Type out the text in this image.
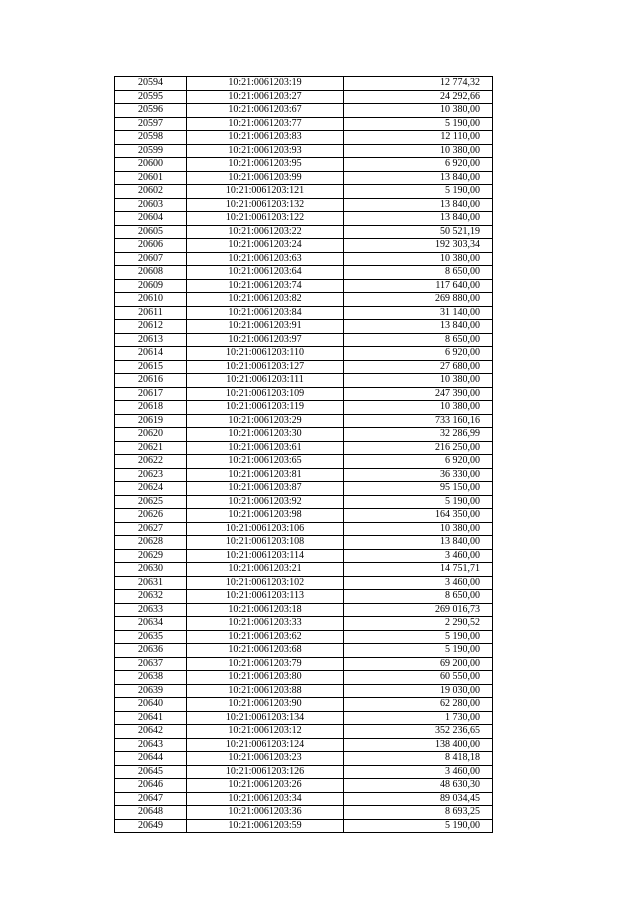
20594	10:21:0061203:19	12 774,32
20595	10:21:0061203:27	24 292,66
20596	10:21:0061203:67	10 380,00
20597	10:21:0061203:77	5 190,00
20598	10:21:0061203:83	12 110,00
20599	10:21:0061203:93	10 380,00
20600	10:21:0061203:95	6 920,00
20601	10:21:0061203:99	13 840,00
20602	10:21:0061203:121	5 190,00
20603	10:21:0061203:132	13 840,00
20604	10:21:0061203:122	13 840,00
20605	10:21:0061203:22	50 521,19
20606	10:21:0061203:24	192 303,34
20607	10:21:0061203:63	10 380,00
20608	10:21:0061203:64	8 650,00
20609	10:21:0061203:74	117 640,00
20610	10:21:0061203:82	269 880,00
20611	10:21:0061203:84	31 140,00
20612	10:21:0061203:91	13 840,00
20613	10:21:0061203:97	8 650,00
20614	10:21:0061203:110	6 920,00
20615	10:21:0061203:127	27 680,00
20616	10:21:0061203:111	10 380,00
20617	10:21:0061203:109	247 390,00
20618	10:21:0061203:119	10 380,00
20619	10:21:0061203:29	733 160,16
20620	10:21:0061203:30	32 286,99
20621	10:21:0061203:61	216 250,00
20622	10:21:0061203:65	6 920,00
20623	10:21:0061203:81	36 330,00
20624	10:21:0061203:87	95 150,00
20625	10:21:0061203:92	5 190,00
20626	10:21:0061203:98	164 350,00
20627	10:21:0061203:106	10 380,00
20628	10:21:0061203:108	13 840,00
20629	10:21:0061203:114	3 460,00
20630	10:21:0061203:21	14 751,71
20631	10:21:0061203:102	3 460,00
20632	10:21:0061203:113	8 650,00
20633	10:21:0061203:18	269 016,73
20634	10:21:0061203:33	2 290,52
20635	10:21:0061203:62	5 190,00
20636	10:21:0061203:68	5 190,00
20637	10:21:0061203:79	69 200,00
20638	10:21:0061203:80	60 550,00
20639	10:21:0061203:88	19 030,00
20640	10:21:0061203:90	62 280,00
20641	10:21:0061203:134	1 730,00
20642	10:21:0061203:12	352 236,65
20643	10:21:0061203:124	138 400,00
20644	10:21:0061203:23	8 418,18
20645	10:21:0061203:126	3 460,00
20646	10:21:0061203:26	48 630,30
20647	10:21:0061203:34	89 034,45
20648	10:21:0061203:36	8 693,25
20649	10:21:0061203:59	5 190,00
